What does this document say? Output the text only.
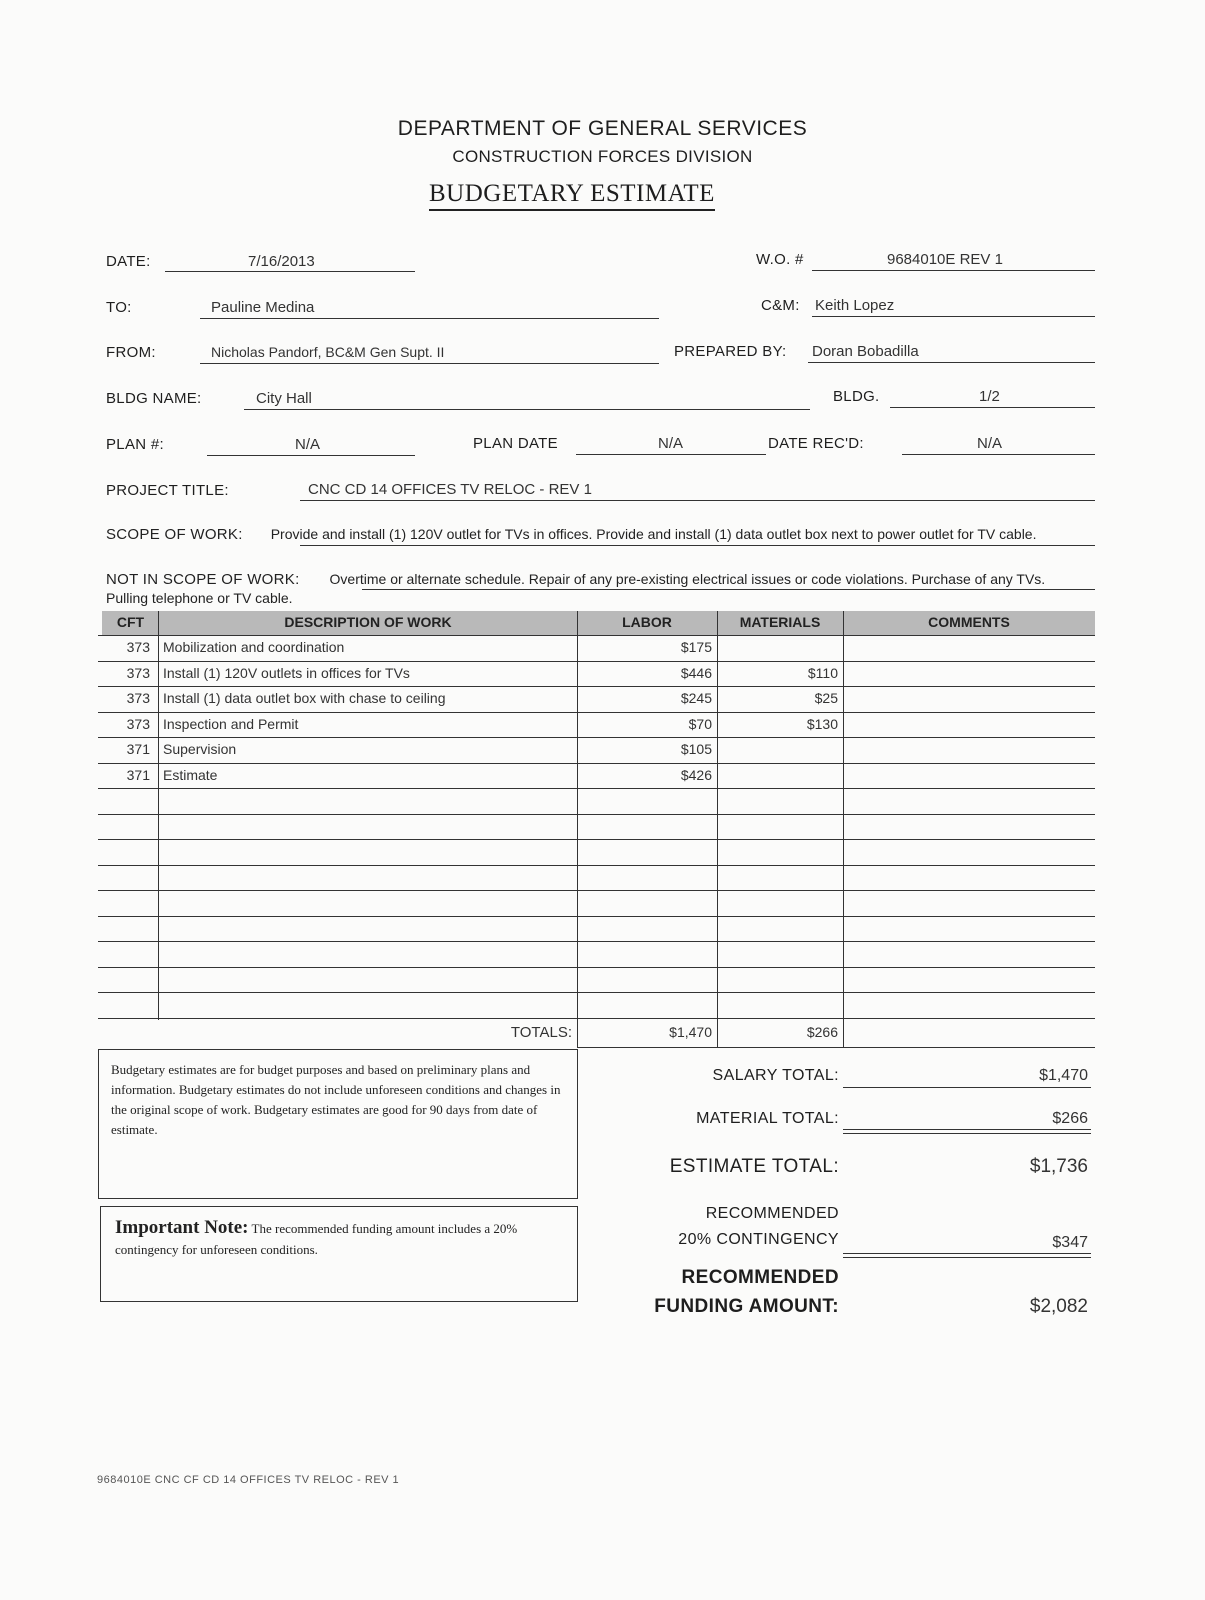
DEPARTMENT OF GENERAL SERVICES
CONSTRUCTION FORCES DIVISION
BUDGETARY ESTIMATE
DATE:	7/16/2013	W.O. #	9684010E REV 1
TO:	Pauline Medina	C&M: Keith Lopez
FROM:	Nicholas Pandorf, BC&M Gen Supt. II	PREPARED BY: Doran Bobadilla
BLDG NAME:	City Hall	BLDG.	1/2
PLAN #:	N/A	PLAN DATE	N/A	DATE REC'D:	N/A
PROJECT TITLE:	CNC CD 14 OFFICES TV RELOC - REV 1
SCOPE OF WORK: Provide and install (1) 120V outlet for TVs in offices. Provide and install (1) data outlet box next to power outlet for TV cable.
NOT IN SCOPE OF WORK: Overtime or alternate schedule. Repair of any pre-existing electrical issues or code violations. Purchase of any TVs. Pulling telephone or TV cable.
CFT	DESCRIPTION OF WORK	LABOR	MATERIALS	COMMENTS
373 Mobilization and coordination	$175
373 Install (1) 120V outlets in offices for TVs	$446	$110
373 Install (1) data outlet box with chase to ceiling	$245	$25
373 Inspection and Permit	$70	$130
371 Supervision	$105
371 Estimate	$426
TOTALS:	$1,470	$266
Budgetary estimates are for budget purposes and based on preliminary plans and information. Budgetary estimates do not include unforeseen conditions and changes in the original scope of work. Budgetary estimates are good for 90 days from date of estimate.
Important Note: The recommended funding amount includes a 20% contingency for unforeseen conditions.
SALARY TOTAL:	$1,470
MATERIAL TOTAL:	$266
ESTIMATE TOTAL:	$1,736
RECOMMENDED
20% CONTINGENCY	$347
RECOMMENDED
FUNDING AMOUNT:	$2,082
9684010E CNC CF CD 14 OFFICES TV RELOC - REV 1
